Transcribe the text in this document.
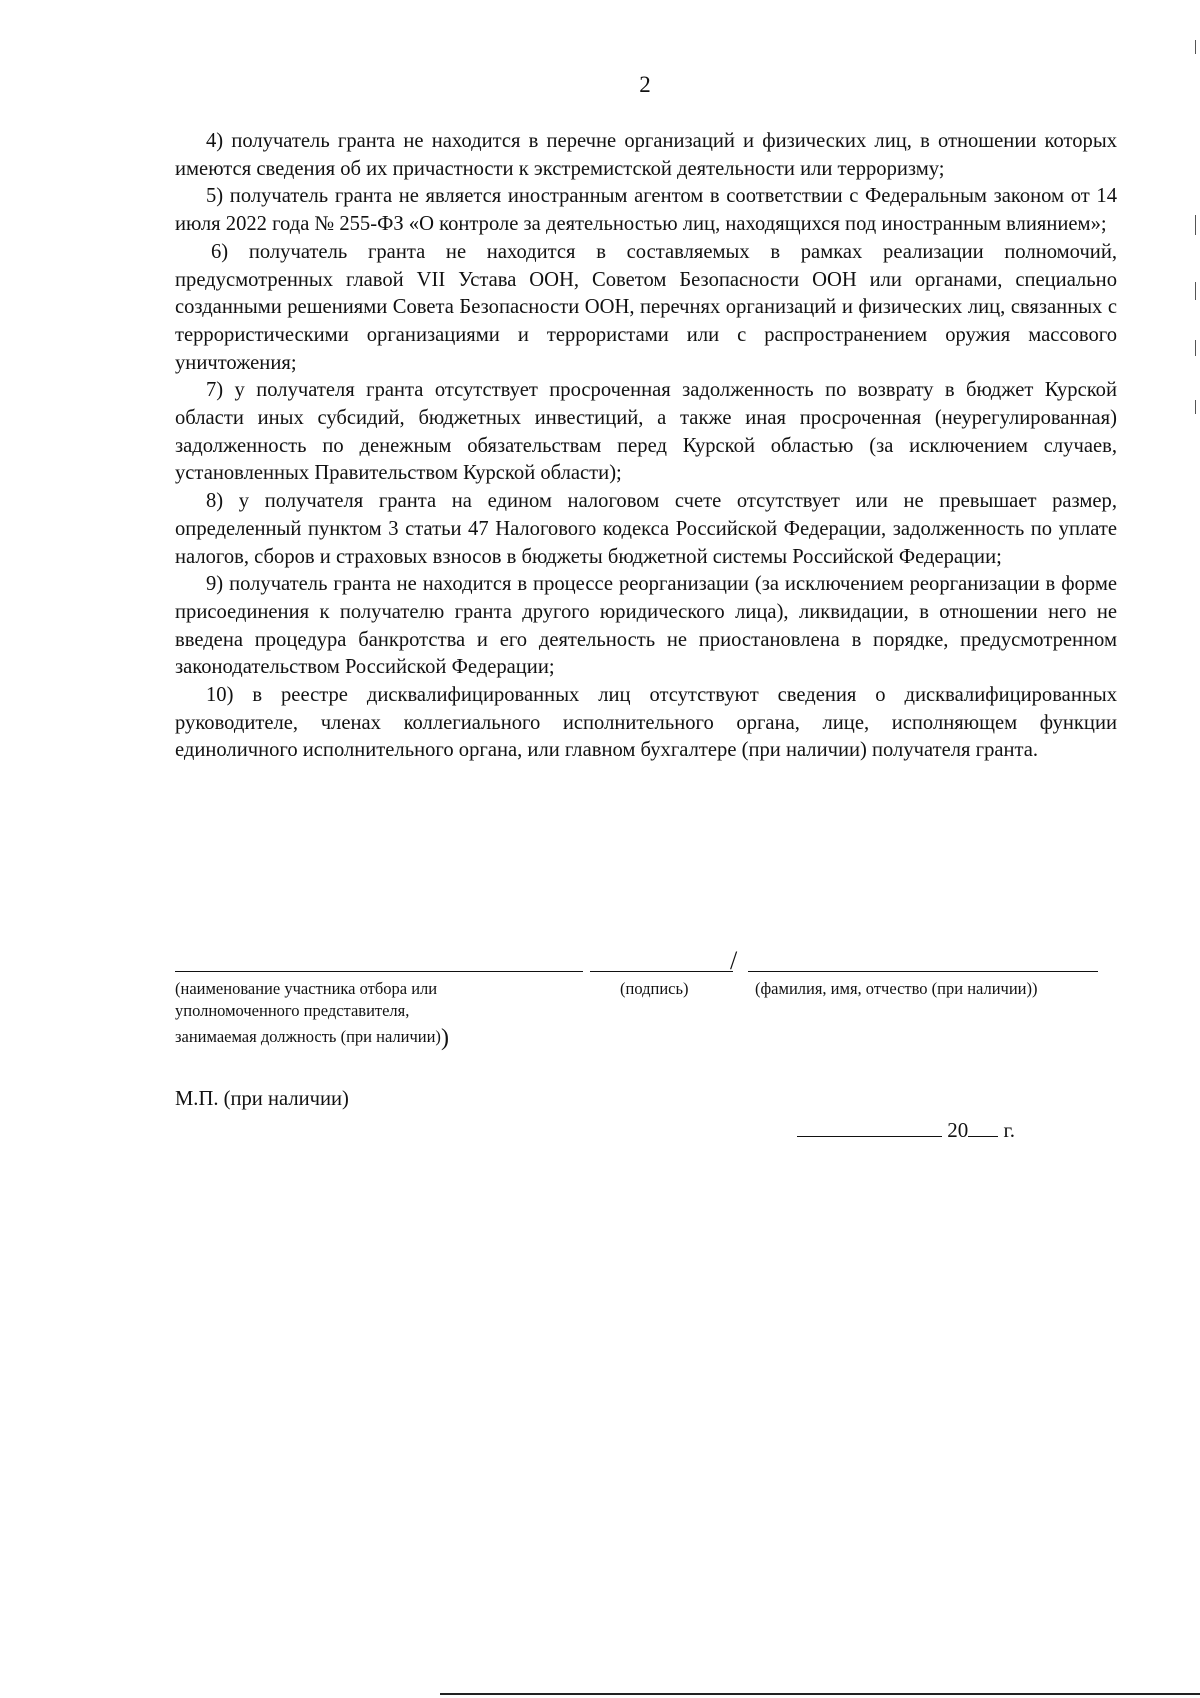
2

4) получатель гранта не находится в перечне организаций и физических лиц, в отношении которых имеются сведения об их причастности к экстремистской деятельности или терроризму;

5) получатель гранта не является иностранным агентом в соответствии с Федеральным законом от 14 июля 2022 года № 255-ФЗ «О контроле за деятельностью лиц, находящихся под иностранным влиянием»;

6) получатель гранта не находится в составляемых в рамках реализации полномочий, предусмотренных главой VII Устава ООН, Советом Безопасности ООН или органами, специально созданными решениями Совета Безопасности ООН, перечнях организаций и физических лиц, связанных с террористическими организациями и террористами или с распространением оружия массового уничтожения;

7) у получателя гранта отсутствует просроченная задолженность по возврату в бюджет Курской области иных субсидий, бюджетных инвестиций, а также иная просроченная (неурегулированная) задолженность по денежным обязательствам перед Курской областью (за исключением случаев, установленных Правительством Курской области);

8) у получателя гранта на едином налоговом счете отсутствует или не превышает размер, определенный пунктом 3 статьи 47 Налогового кодекса Российской Федерации, задолженность по уплате налогов, сборов и страховых взносов в бюджеты бюджетной системы Российской Федерации;

9) получатель гранта не находится в процессе реорганизации (за исключением реорганизации в форме присоединения к получателю гранта другого юридического лица), ликвидации, в отношении него не введена процедура банкротства и его деятельность не приостановлена в порядке, предусмотренном законодательством Российской Федерации;

10) в реестре дисквалифицированных лиц отсутствуют сведения о дисквалифицированных руководителе, членах коллегиального исполнительного органа, лице, исполняющем функции единоличного исполнительного органа, или главном бухгалтере (при наличии) получателя гранта.

/
(наименование участника отбора или
уполномоченного представителя,
занимаемая должность (при наличии))
(подпись)	(фамилия, имя, отчество (при наличии))
М.П. (при наличии)
20 г.
